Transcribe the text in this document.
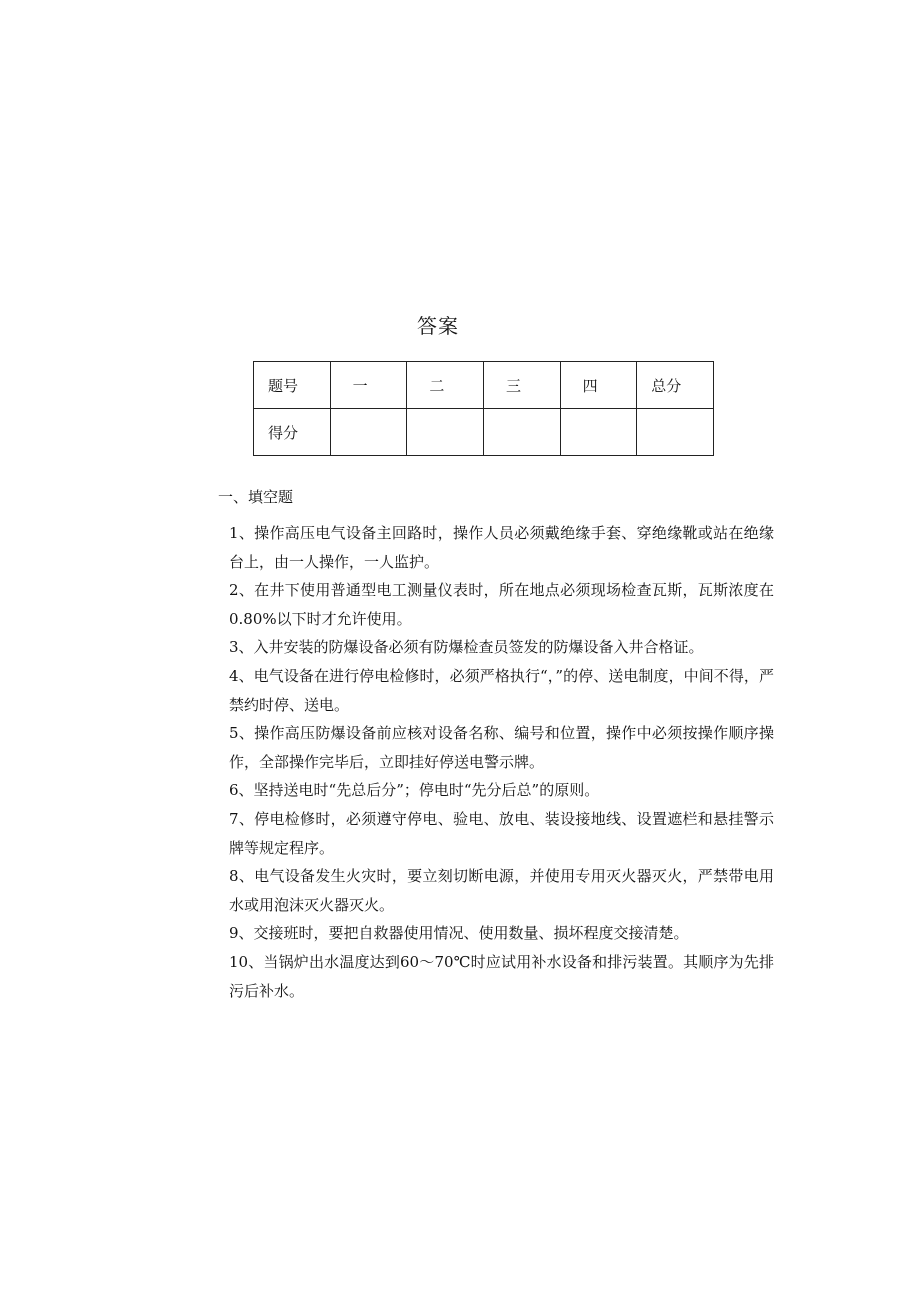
答案
题号	一	二	三	四	总分
得分					
一、填空题

1、操作高压电气设备主回路时，操作人员必须戴绝缘手套、穿绝缘靴或站在绝缘台上，由一人操作，一人监护。

2、在井下使用普通型电工测量仪表时，所在地点必须现场检查瓦斯，瓦斯浓度在0.80%以下时才允许使用。

3、入井安装的防爆设备必须有防爆检查员签发的防爆设备入井合格证。

4、电气设备在进行停电检修时，必须严格执行“，”的停、送电制度，中间不得，严禁约时停、送电。

5、操作高压防爆设备前应核对设备名称、编号和位置，操作中必须按操作顺序操作，全部操作完毕后，立即挂好停送电警示牌。

6、坚持送电时“先总后分”；停电时“先分后总”的原则。

7、停电检修时，必须遵守停电、验电、放电、装设接地线、设置遮栏和悬挂警示牌等规定程序。

8、电气设备发生火灾时，要立刻切断电源，并使用专用灭火器灭火，严禁带电用水或用泡沫灭火器灭火。

9、交接班时，要把自救器使用情况、使用数量、损坏程度交接清楚。

10、当锅炉出水温度达到60～70℃时应试用补水设备和排污装置。其顺序为先排污后补水。
